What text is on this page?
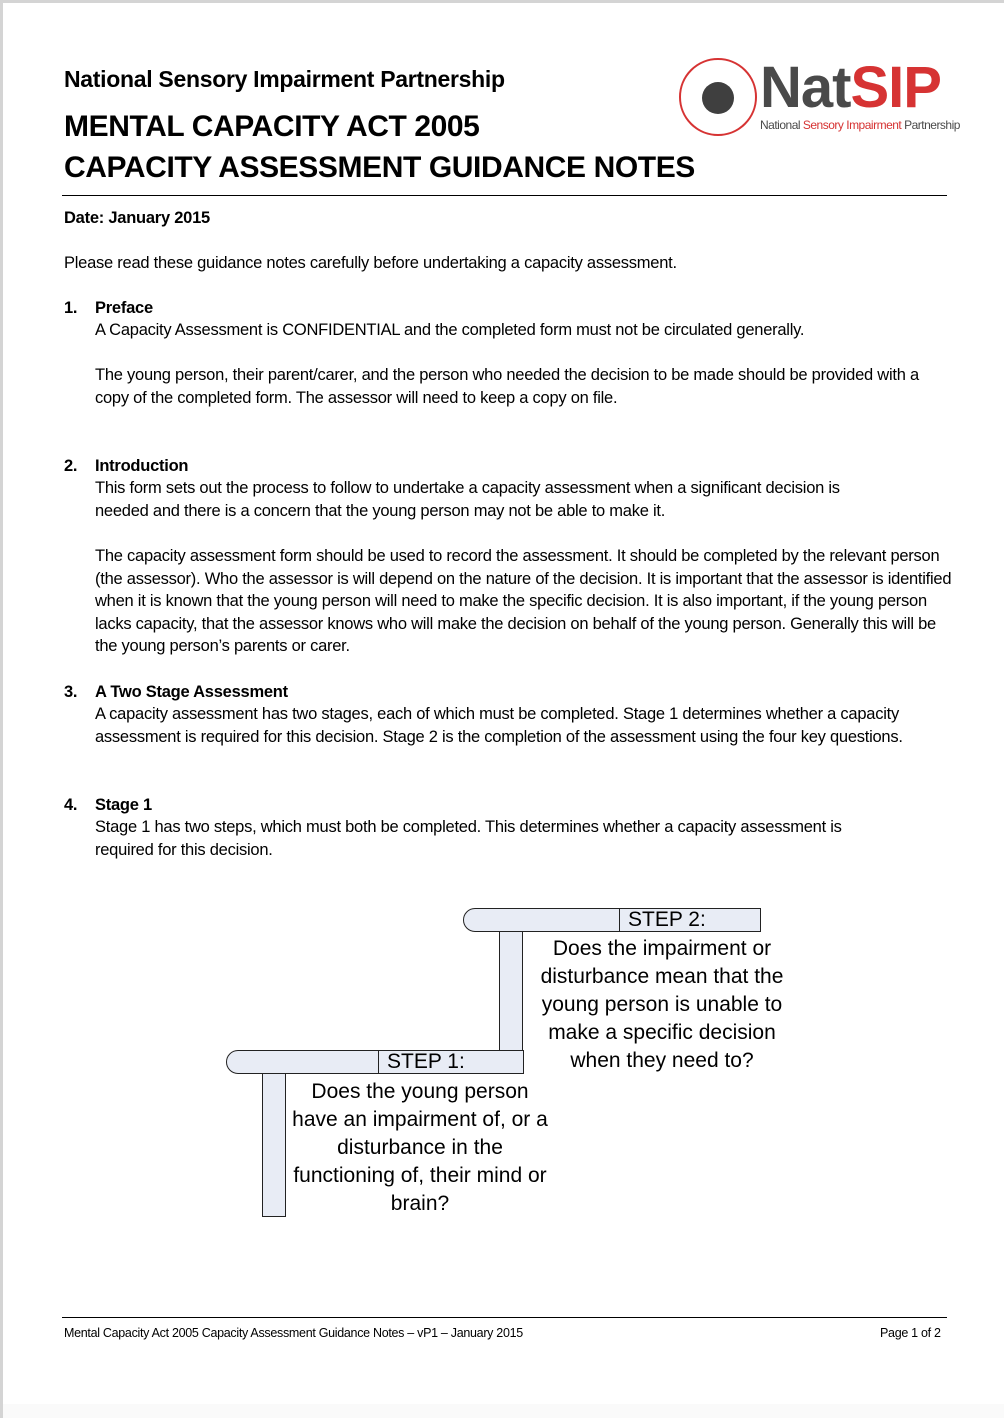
National Sensory Impairment Partnership
MENTAL CAPACITY ACT 2005
CAPACITY ASSESSMENT GUIDANCE NOTES
NatSIP
National Sensory Impairment Partnership
Date: January 2015
Please read these guidance notes carefully before undertaking a capacity assessment.
1. Preface
A Capacity Assessment is CONFIDENTIAL and the completed form must not be circulated generally.
The young person, their parent/carer, and the person who needed the decision to be made should be provided with a copy of the completed form. The assessor will need to keep a copy on file.
2. Introduction
This form sets out the process to follow to undertake a capacity assessment when a significant decision is needed and there is a concern that the young person may not be able to make it.
The capacity assessment form should be used to record the assessment. It should be completed by the relevant person (the assessor). Who the assessor is will depend on the nature of the decision. It is important that the assessor is identified when it is known that the young person will need to make the specific decision. It is also important, if the young person lacks capacity, that the assessor knows who will make the decision on behalf of the young person. Generally this will be the young person’s parents or carer.
3. A Two Stage Assessment
A capacity assessment has two stages, each of which must be completed. Stage 1 determines whether a capacity assessment is required for this decision. Stage 2 is the completion of the assessment using the four key questions.
4. Stage 1
Stage 1 has two steps, which must both be completed. This determines whether a capacity assessment is required for this decision.
STEP 2:
Does the impairment or disturbance mean that the young person is unable to make a specific decision when they need to?
STEP 1:
Does the young person have an impairment of, or a disturbance in the functioning of, their mind or brain?
Mental Capacity Act 2005 Capacity Assessment Guidance Notes – vP1 – January 2015	Page 1 of 2
